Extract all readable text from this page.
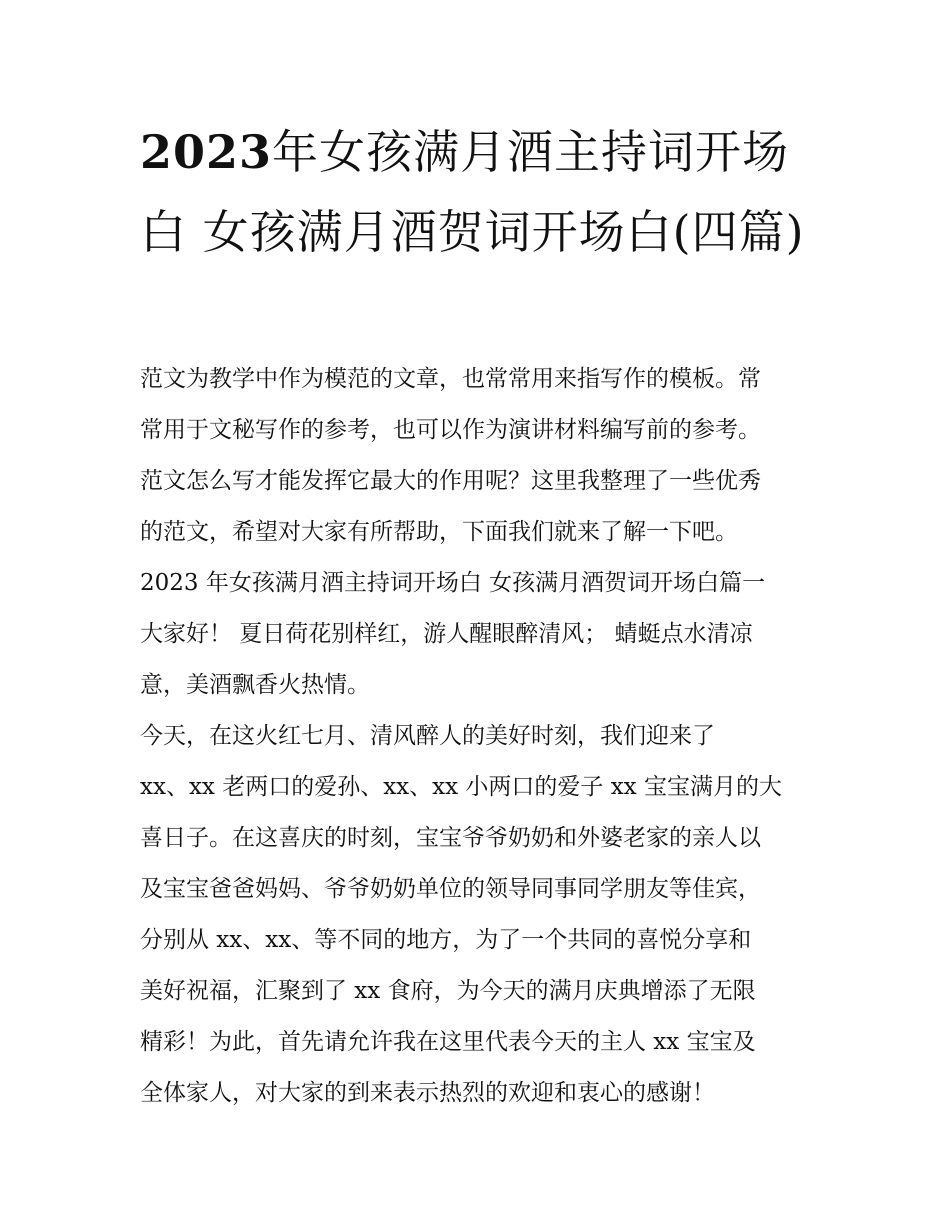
2023年女孩满月酒主持词开场白 女孩满月酒贺词开场白(四篇)

范文为教学中作为模范的文章，也常常用来指写作的模板。常
常用于文秘写作的参考，也可以作为演讲材料编写前的参考。
范文怎么写才能发挥它最大的作用呢？这里我整理了一些优秀
的范文，希望对大家有所帮助，下面我们就来了解一下吧。

2023 年女孩满月酒主持词开场白 女孩满月酒贺词开场白篇一

大家好！ 夏日荷花别样红，游人醒眼醉清风； 蜻蜓点水清凉
意，美酒飘香火热情。

今天，在这火红七月、清风醉人的美好时刻，我们迎来了
xx、xx 老两口的爱孙、xx、xx 小两口的爱子 xx 宝宝满月的大
喜日子。在这喜庆的时刻，宝宝爷爷奶奶和外婆老家的亲人以
及宝宝爸爸妈妈、爷爷奶奶单位的领导同事同学朋友等佳宾，
分别从 xx、xx、等不同的地方，为了一个共同的喜悦分享和
美好祝福，汇聚到了 xx 食府，为今天的满月庆典增添了无限
精彩！为此，首先请允许我在这里代表今天的主人 xx 宝宝及
全体家人，对大家的到来表示热烈的欢迎和衷心的感谢！
